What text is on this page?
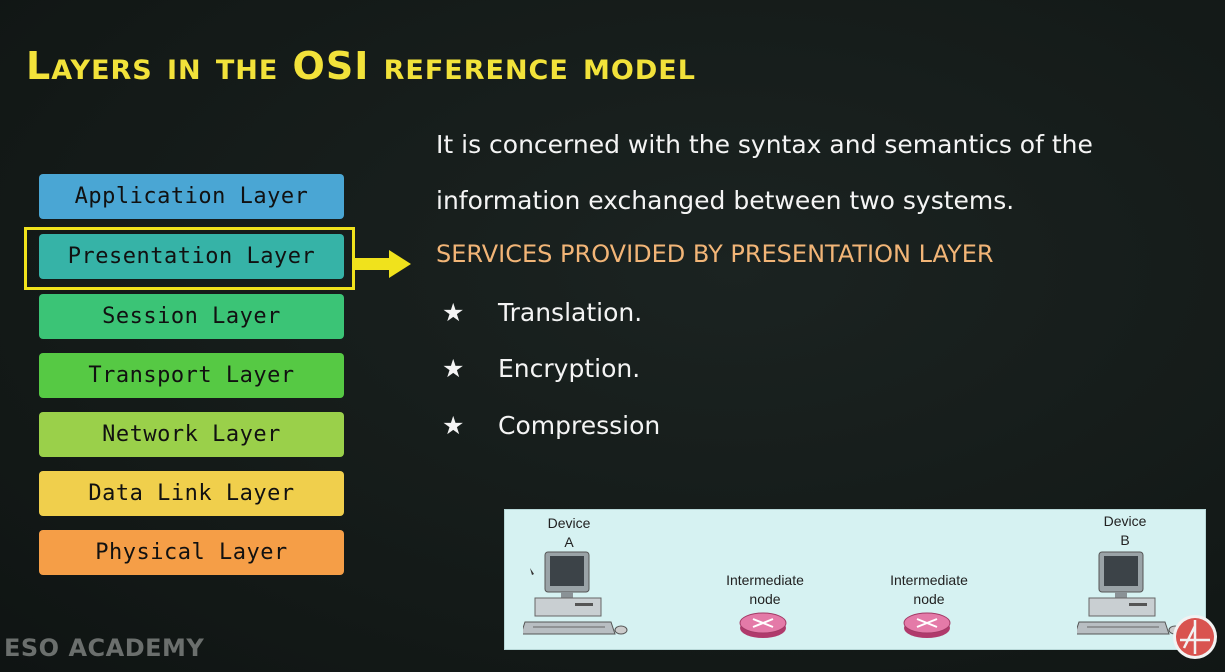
Layers in the OSI reference model
Application Layer
Presentation Layer
Session Layer
Transport Layer
Network Layer
Data Link Layer
Physical Layer
It is concerned with the syntax and semantics of the
information exchanged between two systems.
SERVICES PROVIDED BY PRESENTATION LAYER
★ Translation.
★ Encryption.
★ Compression
Device
A
Device
B
Intermediate
node
Intermediate
node
ESO ACADEMY
